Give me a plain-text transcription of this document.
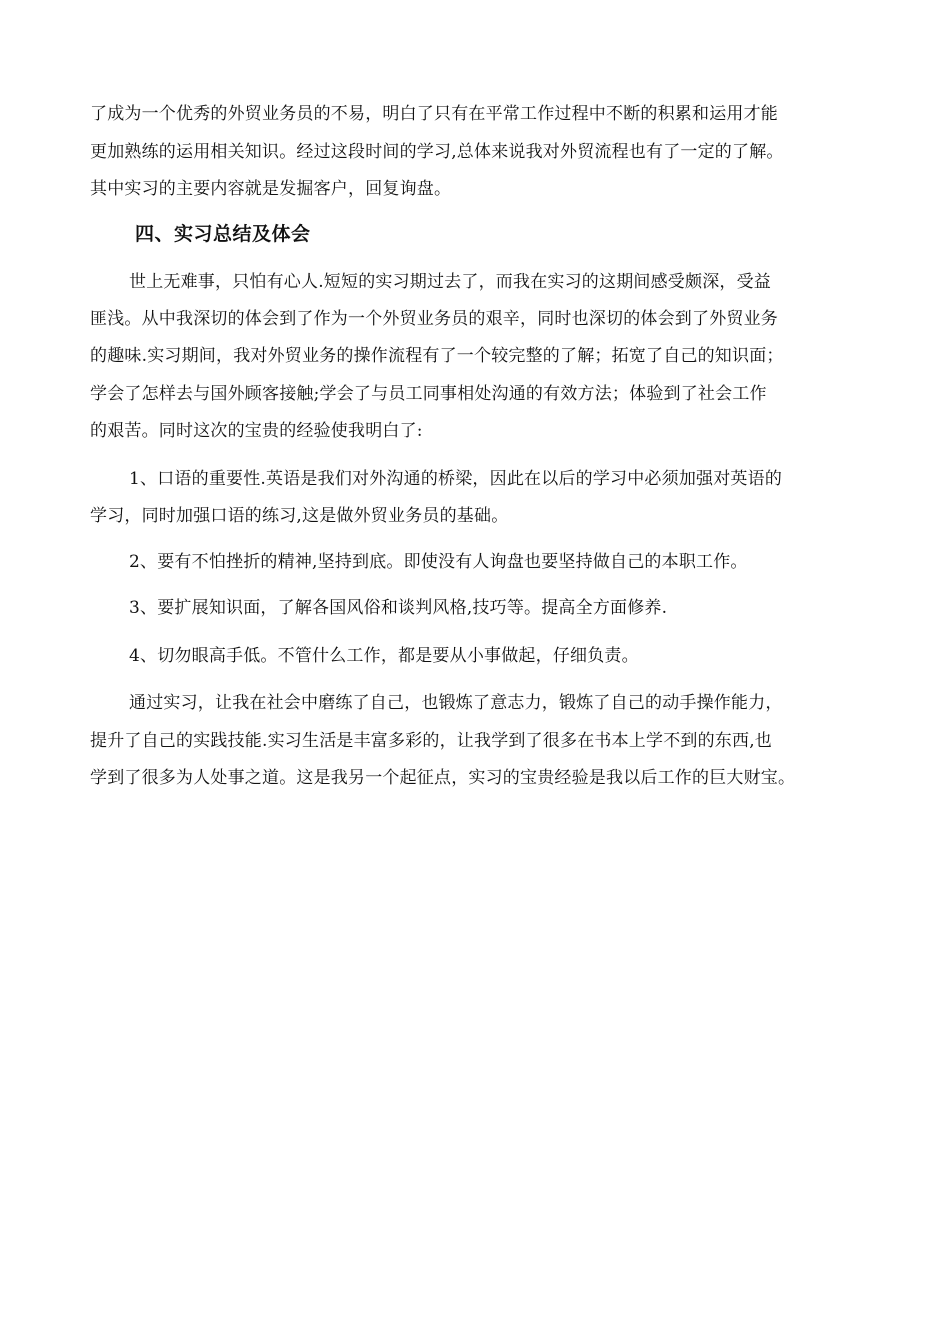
了成为一个优秀的外贸业务员的不易，明白了只有在平常工作过程中不断的积累和运用才能
更加熟练的运用相关知识。经过这段时间的学习,总体来说我对外贸流程也有了一定的了解。
其中实习的主要内容就是发掘客户，回复询盘。
四、实习总结及体会
世上无难事，只怕有心人.短短的实习期过去了，而我在实习的这期间感受颇深，受益
匪浅。从中我深切的体会到了作为一个外贸业务员的艰辛，同时也深切的体会到了外贸业务
的趣味.实习期间，我对外贸业务的操作流程有了一个较完整的了解；拓宽了自己的知识面；
学会了怎样去与国外顾客接触;学会了与员工同事相处沟通的有效方法；体验到了社会工作
的艰苦。同时这次的宝贵的经验使我明白了:
1、口语的重要性.英语是我们对外沟通的桥梁，因此在以后的学习中必须加强对英语的
学习，同时加强口语的练习,这是做外贸业务员的基础。
2、要有不怕挫折的精神,坚持到底。即使没有人询盘也要坚持做自己的本职工作。
3、要扩展知识面，了解各国风俗和谈判风格,技巧等。提高全方面修养.
4、切勿眼高手低。不管什么工作，都是要从小事做起，仔细负责。
通过实习，让我在社会中磨练了自己，也锻炼了意志力，锻炼了自己的动手操作能力，
提升了自己的实践技能.实习生活是丰富多彩的，让我学到了很多在书本上学不到的东西,也
学到了很多为人处事之道。这是我另一个起征点，实习的宝贵经验是我以后工作的巨大财宝。
